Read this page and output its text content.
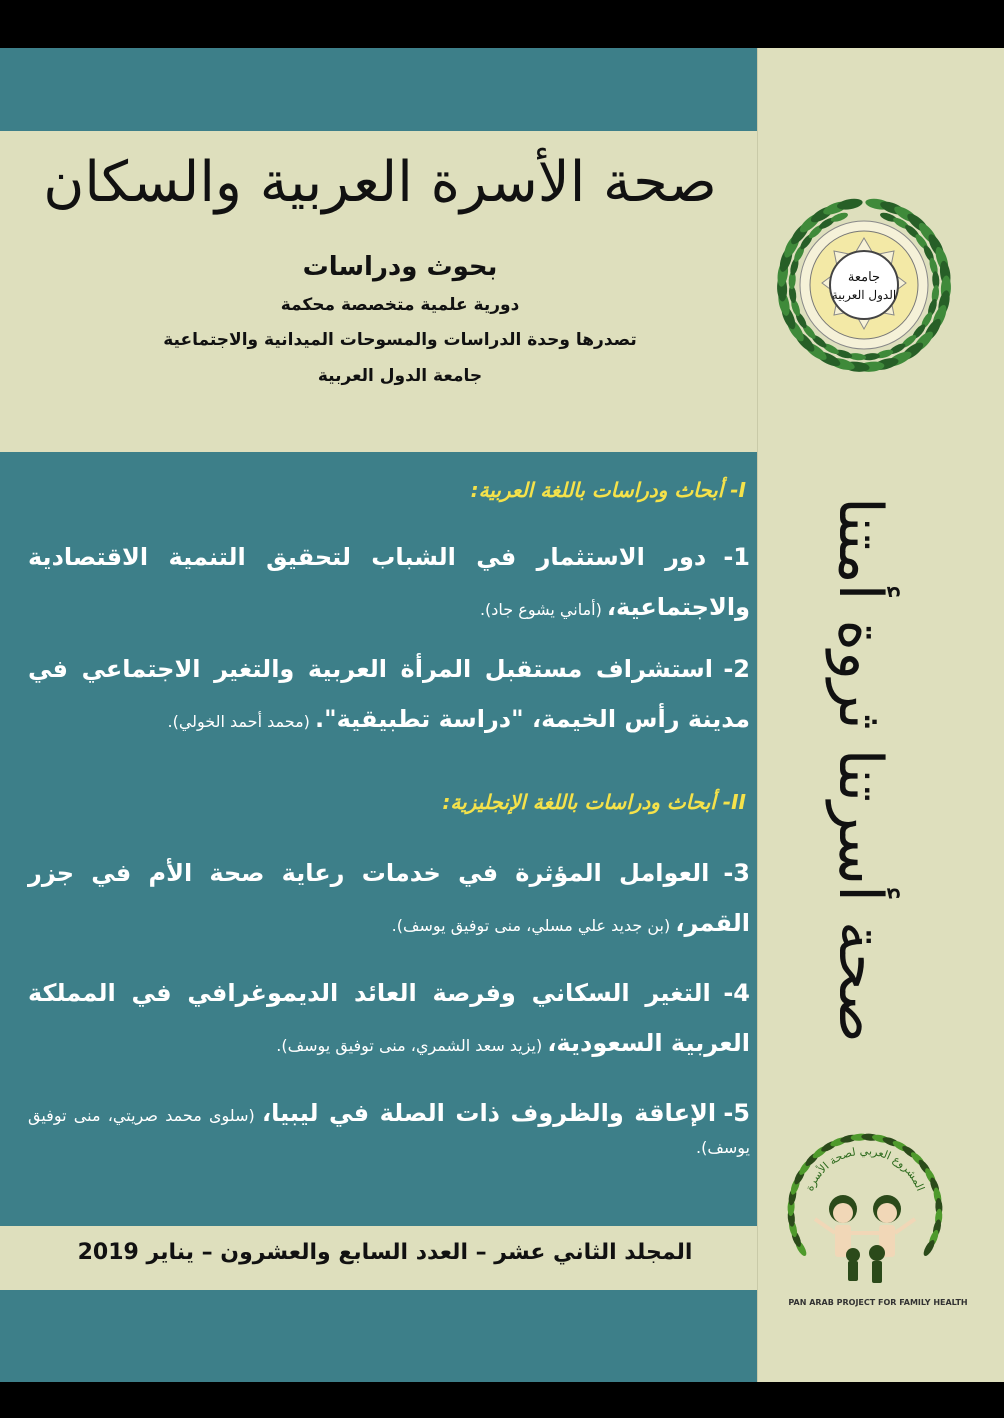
صحة الأسرة العربية والسكان
بحوث ودراسات
دورية علمية متخصصة محكمة
تصدرها وحدة الدراسات والمسوحات الميدانية والاجتماعية
جامعة الدول العربية
جامعة
الدول العربية
I- أبحاث ودراسات باللغة العربية:
1- دور الاستثمار في الشباب لتحقيق التنمية الاقتصادية والاجتماعية، (أماني يشوع جاد).
2- استشراف مستقبل المرأة العربية والتغير الاجتماعي في مدينة رأس الخيمة، "دراسة تطبيقية". (محمد أحمد الخولي).
II- أبحاث ودراسات باللغة الإنجليزية:
3- العوامل المؤثرة في خدمات رعاية صحة الأم في جزر القمر، (بن جديد علي مسلي، منى توفيق يوسف).
4- التغير السكاني وفرصة العائد الديموغرافي في المملكة العربية السعودية، (يزيد سعد الشمري، منى توفيق يوسف).
5- الإعاقة والظروف ذات الصلة في ليبيا، (سلوى محمد صريتي، منى توفيق يوسف).
المجلد الثاني عشر – العدد السابع والعشرون – يناير 2019
صحة أسرتنا ثروة أمتنا
المشروع العربي لصحة الأسرة
PAN ARAB PROJECT FOR FAMILY HEALTH
